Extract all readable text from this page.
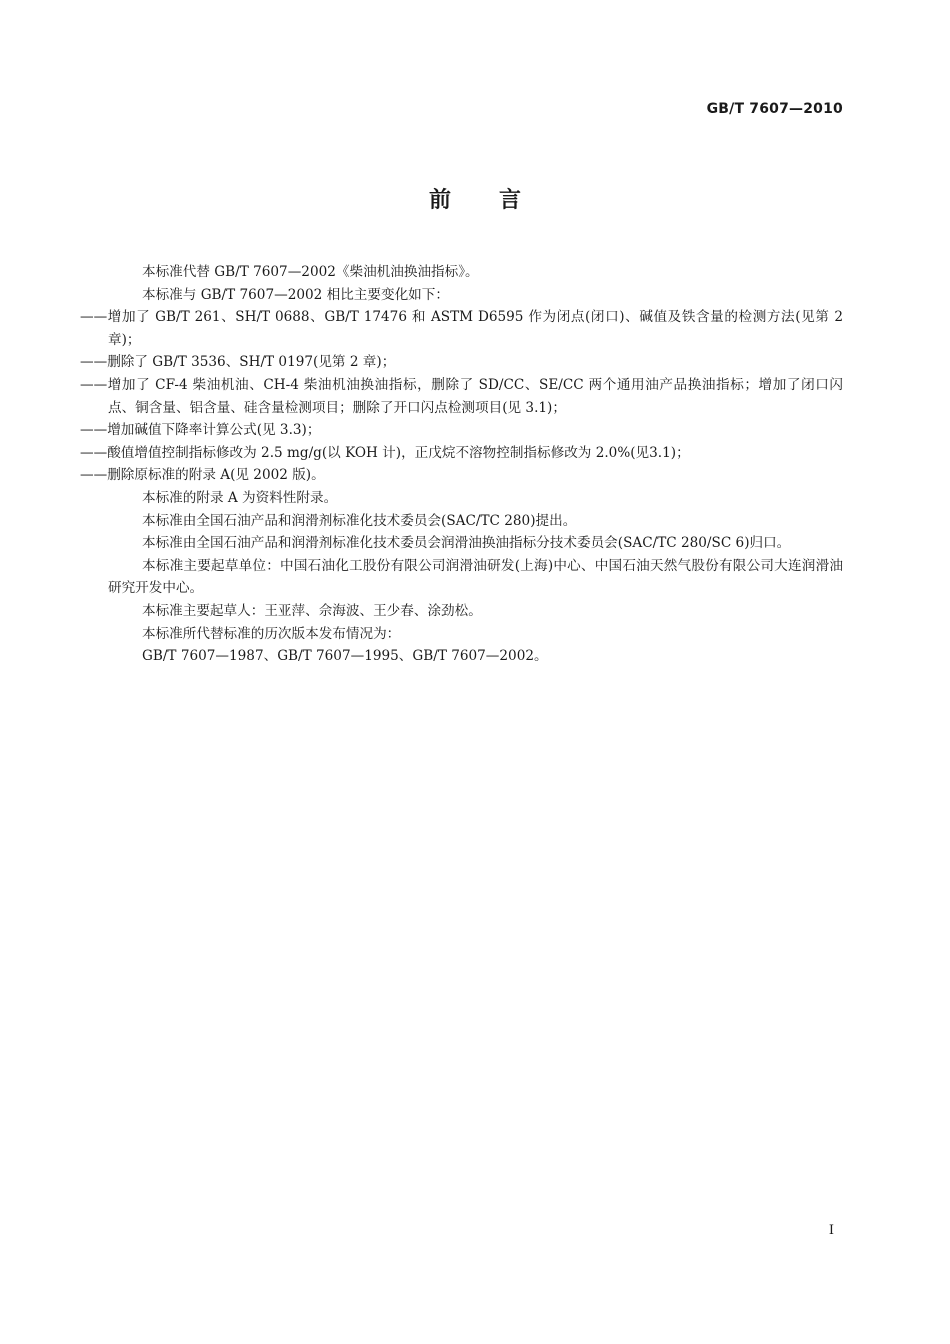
GB/T 7607—2010
前 言

本标准代替 GB/T 7607—2002《柴油机油换油指标》。

本标准与 GB/T 7607—2002 相比主要变化如下：

——增加了 GB/T 261、SH/T 0688、GB/T 17476 和 ASTM D6595 作为闭点(闭口)、碱值及铁含量的检测方法(见第 2 章)；

——删除了 GB/T 3536、SH/T 0197(见第 2 章)；

——增加了 CF-4 柴油机油、CH-4 柴油机油换油指标，删除了 SD/CC、SE/CC 两个通用油产品换油指标；增加了闭口闪点、铜含量、铝含量、硅含量检测项目；删除了开口闪点检测项目(见 3.1)；

——增加碱值下降率计算公式(见 3.3)；

——酸值增值控制指标修改为 2.5 mg/g(以 KOH 计)，正戊烷不溶物控制指标修改为 2.0%(见3.1)；

——删除原标准的附录 A(见 2002 版)。

本标准的附录 A 为资料性附录。

本标准由全国石油产品和润滑剂标准化技术委员会(SAC/TC 280)提出。

本标准由全国石油产品和润滑剂标准化技术委员会润滑油换油指标分技术委员会(SAC/TC 280/SC 6)归口。

本标准主要起草单位：中国石油化工股份有限公司润滑油研发(上海)中心、中国石油天然气股份有限公司大连润滑油研究开发中心。

本标准主要起草人：王亚萍、佘海波、王少春、涂劲松。

本标准所代替标准的历次版本发布情况为：

GB/T 7607—1987、GB/T 7607—1995、GB/T 7607—2002。

I
